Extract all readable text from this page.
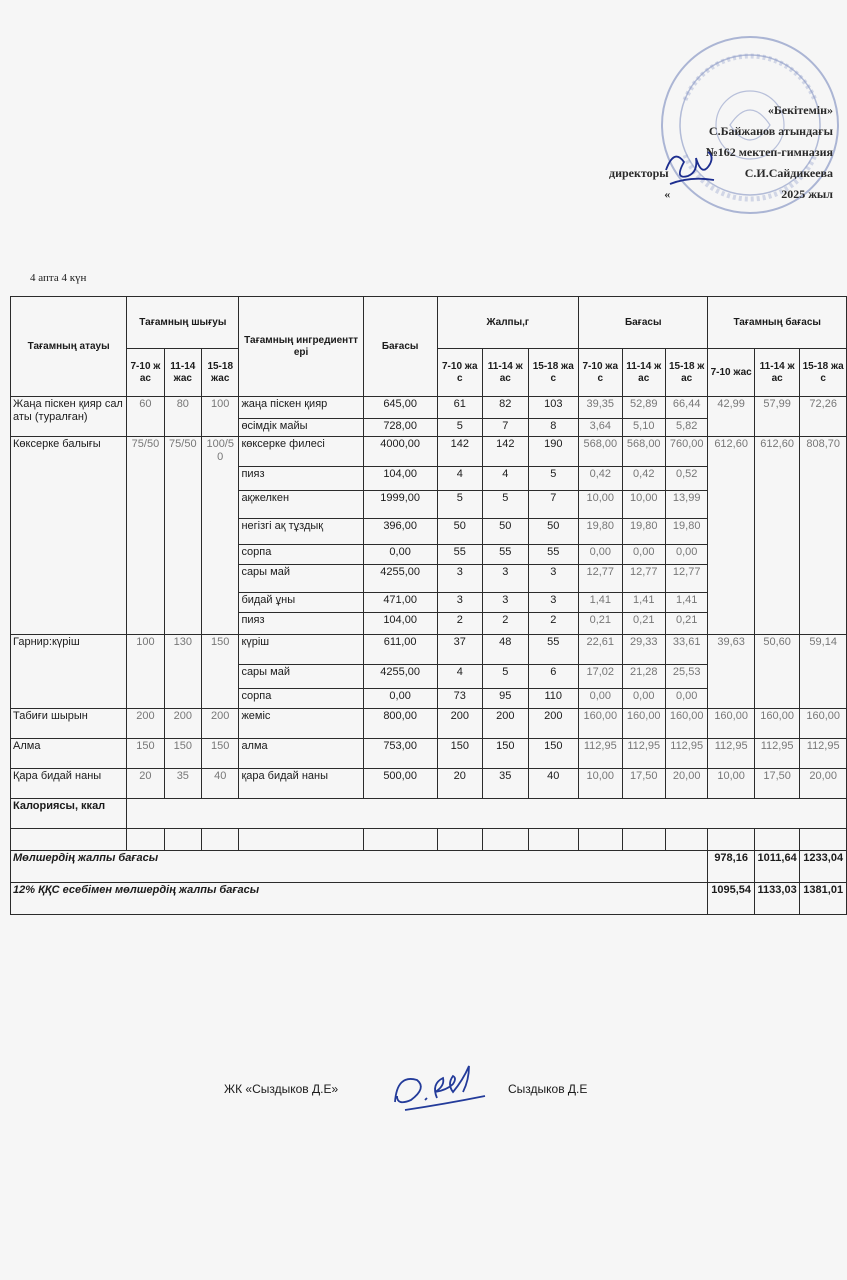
«Бекітемін»
С.Байжанов атындағы
№162 мектеп-гимназия
директоры	С.И.Сайдикеева
«	2025 жыл
4 апта 4 күн
Тағамның атауы	Тағамның шығуы			Тағамның ингредиенттері	Бағасы	Жалпы,г			Бағасы			Тағамның бағасы		
	7-10 жас	11-14 жас	15-18 жас			7-10 жас	11-14 жас	15-18 жас	7-10 жас	11-14 жас	15-18 жас	7-10 жас	11-14 жас	15-18 жас
Жаңа піскен қияр салаты (туралған)	60	80	100	жаңа піскен қияр	645,00	61	82	103	39,35	52,89	66,44	42,99	57,99	72,26
				өсімдік майы	728,00	5	7	8	3,64	5,10	5,82			
Көксерке балығы	75/50	75/50	100/50	көксерке филесі	4000,00	142	142	190	568,00	568,00	760,00	612,60	612,60	808,70
				пияз	104,00	4	4	5	0,42	0,42	0,52			
				ақжелкен	1999,00	5	5	7	10,00	10,00	13,99			
				негізгі ақ тұздық	396,00	50	50	50	19,80	19,80	19,80			
				сорпа	0,00	55	55	55	0,00	0,00	0,00			
				сары май	4255,00	3	3	3	12,77	12,77	12,77			
				бидай ұны	471,00	3	3	3	1,41	1,41	1,41			
				пияз	104,00	2	2	2	0,21	0,21	0,21			
Гарнир:күріш	100	130	150	күріш	611,00	37	48	55	22,61	29,33	33,61	39,63	50,60	59,14
				сары май	4255,00	4	5	6	17,02	21,28	25,53			
				сорпа	0,00	73	95	110	0,00	0,00	0,00			
Табиғи шырын	200	200	200	жеміс	800,00	200	200	200	160,00	160,00	160,00	160,00	160,00	160,00
Алма	150	150	150	алма	753,00	150	150	150	112,95	112,95	112,95	112,95	112,95	112,95
Қара бидай наны	20	35	40	қара бидай наны	500,00	20	35	40	10,00	17,50	20,00	10,00	17,50	20,00
Калориясы, ккал														

Мөлшердің жалпы бағасы												978,16	1011,64	1233,04
12% ҚҚС есебімен мөлшердің жалпы бағасы												1095,54	1133,03	1381,01
ЖК «Сыздыков Д.Е»	Сыздыков Д.Е
